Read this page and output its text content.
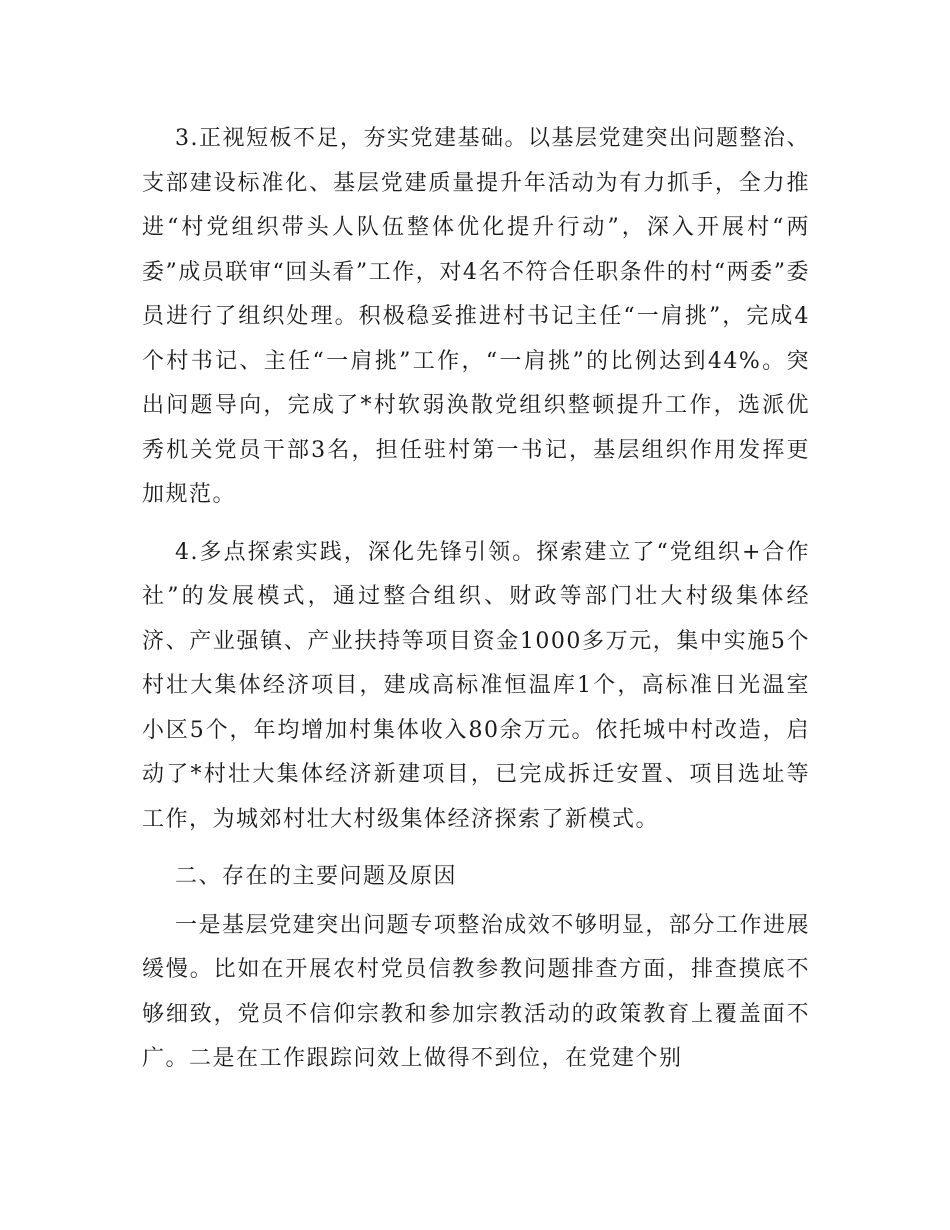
3.正视短板不足，夯实党建基础。以基层党建突出问题整治、支部建设标准化、基层党建质量提升年活动为有力抓手，全力推进“村党组织带头人队伍整体优化提升行动”，深入开展村“两委”成员联审“回头看”工作，对4名不符合任职条件的村“两委”委员进行了组织处理。积极稳妥推进村书记主任“一肩挑”，完成4个村书记、主任“一肩挑”工作，“一肩挑”的比例达到44%。突出问题导向，完成了*村软弱涣散党组织整顿提升工作，选派优秀机关党员干部3名，担任驻村第一书记，基层组织作用发挥更加规范。

4.多点探索实践，深化先锋引领。探索建立了“党组织+合作社”的发展模式，通过整合组织、财政等部门壮大村级集体经济、产业强镇、产业扶持等项目资金1000多万元，集中实施5个村壮大集体经济项目，建成高标准恒温库1个，高标准日光温室小区5个，年均增加村集体收入80余万元。依托城中村改造，启动了*村壮大集体经济新建项目，已完成拆迁安置、项目选址等工作，为城郊村壮大村级集体经济探索了新模式。

二、存在的主要问题及原因

一是基层党建突出问题专项整治成效不够明显，部分工作进展缓慢。比如在开展农村党员信教参教问题排查方面，排查摸底不够细致，党员不信仰宗教和参加宗教活动的政策教育上覆盖面不广。二是在工作跟踪问效上做得不到位，在党建个别
